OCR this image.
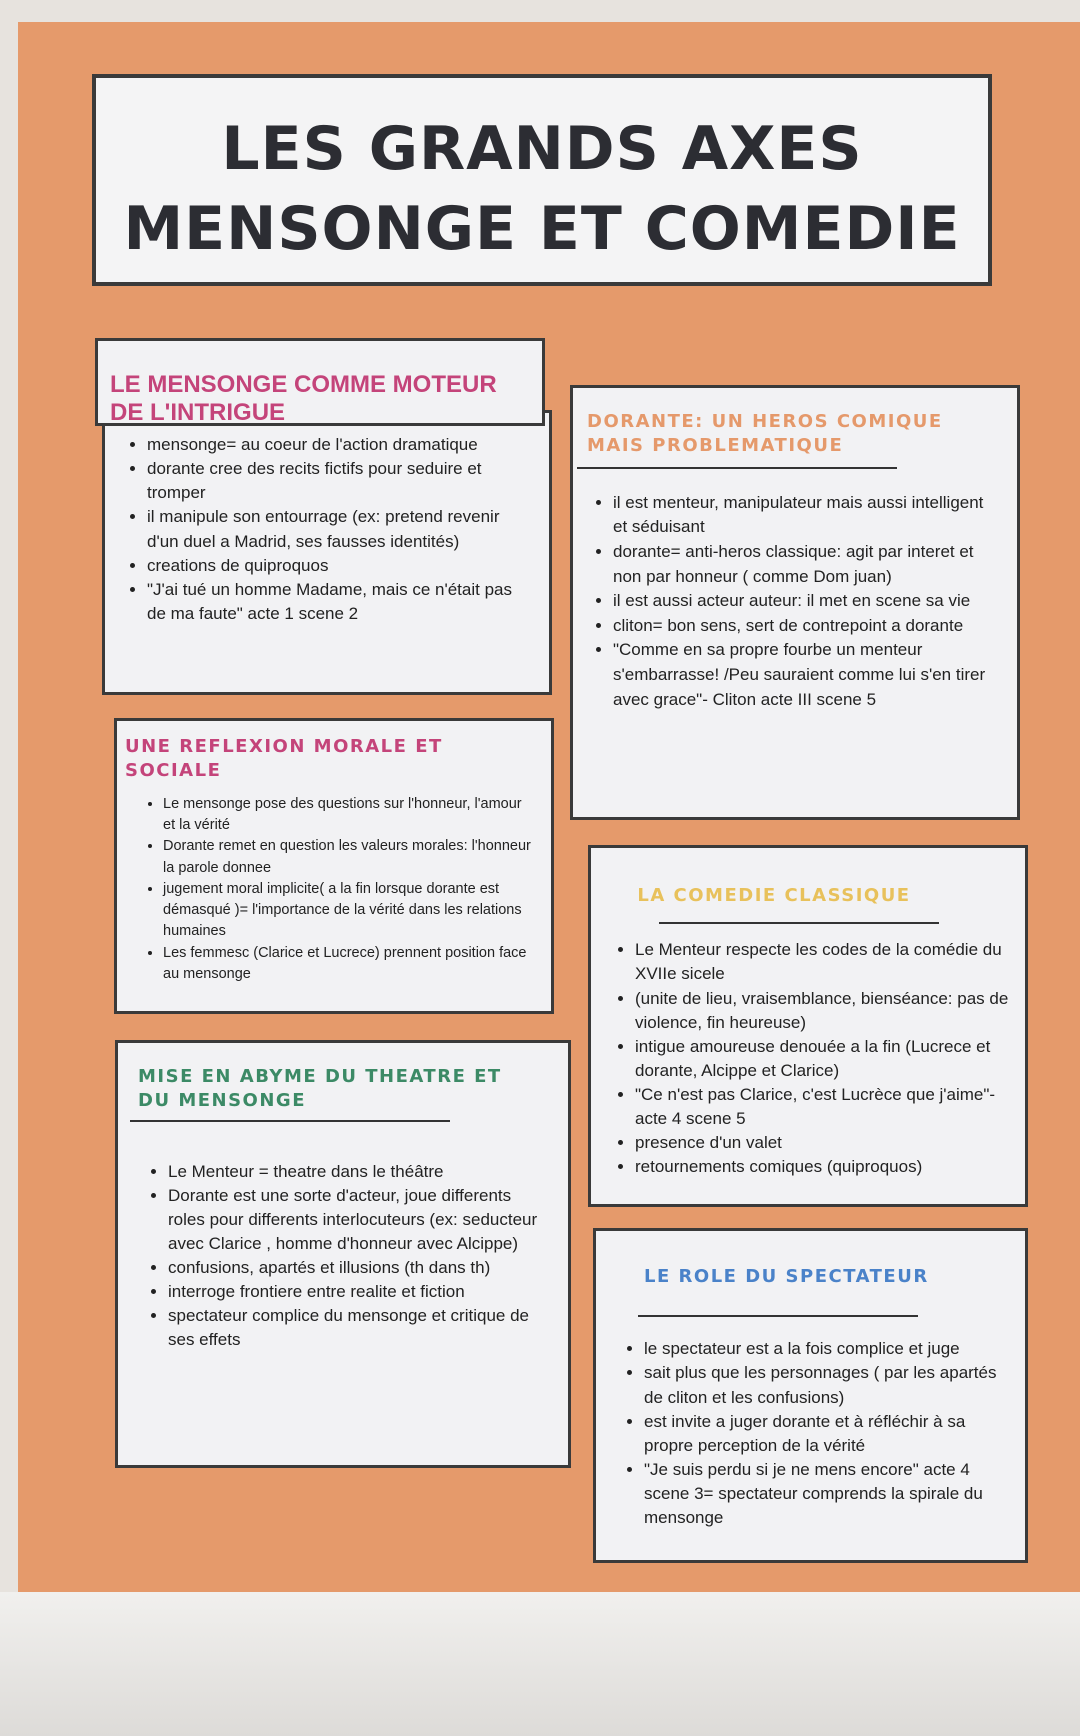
LES GRANDS AXES
MENSONGE ET COMEDIE
• mensonge= au coeur de l'action dramatique
• dorante cree des recits fictifs pour seduire et tromper
• il manipule son entourrage (ex: pretend revenir d'un duel a Madrid, ses fausses identités)
• creations de quiproquos
• "J'ai tué un homme Madame, mais ce n'était pas de ma faute" acte 1 scene 2
LE MENSONGE COMME MOTEUR DE L'INTRIGUE
UNE REFLEXION MORALE ET SOCIALE
• Le mensonge pose des questions sur l'honneur, l'amour et la vérité
• Dorante remet en question les valeurs morales: l'honneur la parole donnee
• jugement moral implicite( a la fin lorsque dorante est démasqué )= l'importance de la vérité dans les relations humaines
• Les femmesc (Clarice et Lucrece) prennent position face au mensonge
MISE EN ABYME DU THEATRE ET DU MENSONGE
• Le Menteur = theatre dans le théâtre
• Dorante est une sorte d'acteur, joue differents roles pour differents interlocuteurs (ex: seducteur avec Clarice , homme d'honneur avec Alcippe)
• confusions, apartés et illusions (th dans th)
• interroge frontiere entre realite et fiction
• spectateur complice du mensonge et critique de ses effets
DORANTE: UN HEROS COMIQUE MAIS PROBLEMATIQUE
• il est menteur, manipulateur mais aussi intelligent et séduisant
• dorante= anti-heros classique: agit par interet et non par honneur ( comme Dom juan)
• il est aussi acteur auteur: il met en scene sa vie
• cliton= bon sens, sert de contrepoint a dorante
• "Comme en sa propre fourbe un menteur s'embarrasse! /Peu sauraient comme lui s'en tirer avec grace"- Cliton acte III scene 5
LA COMEDIE CLASSIQUE
• Le Menteur respecte les codes de la comédie du XVIIe sicele
• (unite de lieu, vraisemblance, bienséance: pas de violence, fin heureuse)
• intigue amoureuse denouée a la fin (Lucrece et dorante, Alcippe et Clarice)
• "Ce n'est pas Clarice, c'est Lucrèce que j'aime"- acte 4 scene 5
• presence d'un valet
• retournements comiques (quiproquos)
LE ROLE DU SPECTATEUR
• le spectateur est a la fois complice et juge
• sait plus que les personnages ( par les apartés de cliton et les confusions)
• est invite a juger dorante et à réfléchir à sa propre perception de la vérité
• "Je suis perdu si je ne mens encore" acte 4 scene 3= spectateur comprends la spirale du mensonge
